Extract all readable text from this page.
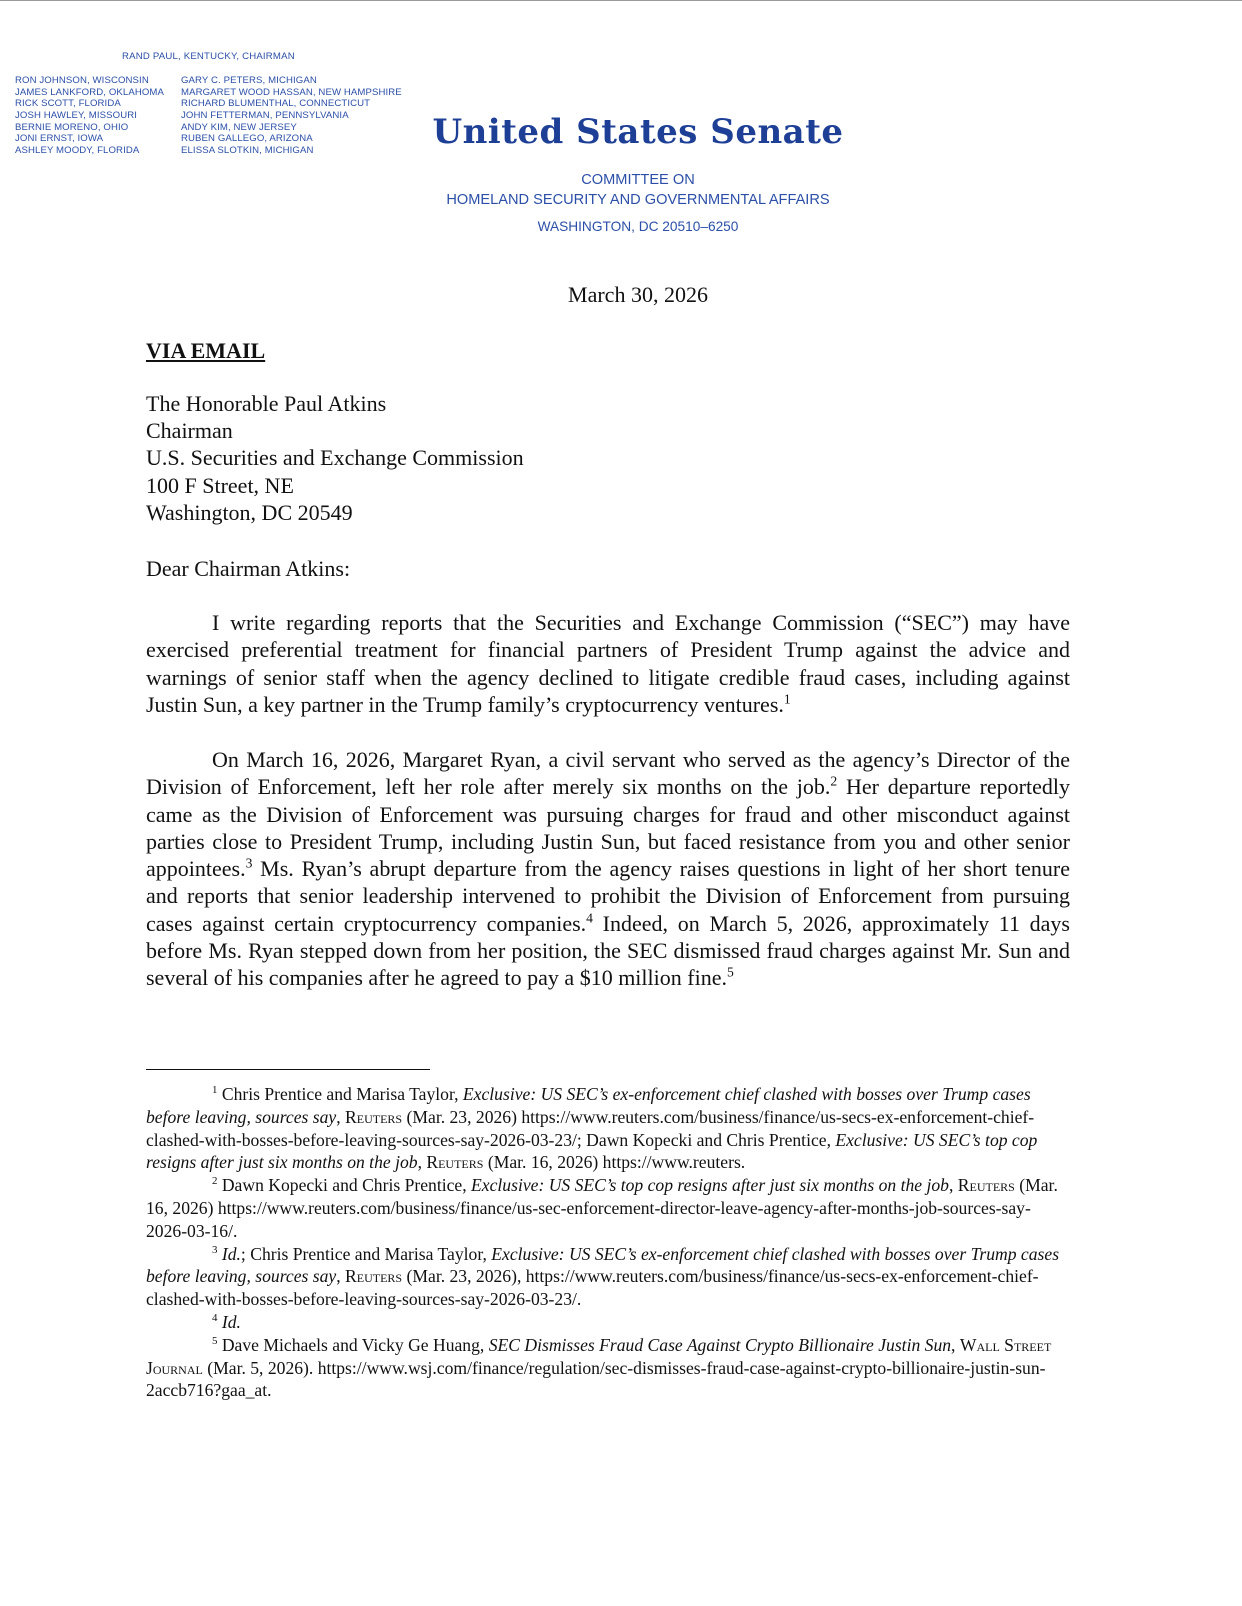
RAND PAUL, KENTUCKY, CHAIRMAN
RON JOHNSON, WISCONSIN
JAMES LANKFORD, OKLAHOMA
RICK SCOTT, FLORIDA
JOSH HAWLEY, MISSOURI
BERNIE MORENO, OHIO
JONI ERNST, IOWA
ASHLEY MOODY, FLORIDA
GARY C. PETERS, MICHIGAN
MARGARET WOOD HASSAN, NEW HAMPSHIRE
RICHARD BLUMENTHAL, CONNECTICUT
JOHN FETTERMAN, PENNSYLVANIA
ANDY KIM, NEW JERSEY
RUBEN GALLEGO, ARIZONA
ELISSA SLOTKIN, MICHIGAN	United States Senate
COMMITTEE ON
HOMELAND SECURITY AND GOVERNMENTAL AFFAIRS
WASHINGTON, DC 20510–6250
March 30, 2026
VIA EMAIL
The Honorable Paul Atkins
Chairman
U.S. Securities and Exchange Commission
100 F Street, NE
Washington, DC 20549
Dear Chairman Atkins:

I write regarding reports that the Securities and Exchange Commission (“SEC”) may have exercised preferential treatment for financial partners of President Trump against the advice and warnings of senior staff when the agency declined to litigate credible fraud cases, including against Justin Sun, a key partner in the Trump family’s cryptocurrency ventures.$^1$

On March 16, 2026, Margaret Ryan, a civil servant who served as the agency’s Director of the Division of Enforcement, left her role after merely six months on the job.$^2$ Her departure reportedly came as the Division of Enforcement was pursuing charges for fraud and other misconduct against parties close to President Trump, including Justin Sun, but faced resistance from you and other senior appointees.$^3$ Ms. Ryan’s abrupt departure from the agency raises questions in light of her short tenure and reports that senior leadership intervened to prohibit the Division of Enforcement from pursuing cases against certain cryptocurrency companies.$^4$ Indeed, on March 5, 2026, approximately 11 days before Ms. Ryan stepped down from her position, the SEC dismissed fraud charges against Mr. Sun and several of his companies after he agreed to pay a $10 million fine.$^5$

$^1$ Chris Prentice and Marisa Taylor, Exclusive: US SEC’s ex-enforcement chief clashed with bosses over Trump cases before leaving, sources say, Reuters (Mar. 23, 2026) https://www.reuters.com/business/finance/us-secs-ex-enforcement-chief-clashed-with-bosses-before-leaving-sources-say-2026-03-23/; Dawn Kopecki and Chris Prentice, Exclusive: US SEC’s top cop resigns after just six months on the job, Reuters (Mar. 16, 2026) https://www.reuters.

$^2$ Dawn Kopecki and Chris Prentice, Exclusive: US SEC’s top cop resigns after just six months on the job, Reuters (Mar. 16, 2026) https://www.reuters.com/business/finance/us-sec-enforcement-director-leave-agency-after-months-job-sources-say-2026-03-16/.

$^3$ Id.; Chris Prentice and Marisa Taylor, Exclusive: US SEC’s ex-enforcement chief clashed with bosses over Trump cases before leaving, sources say, Reuters (Mar. 23, 2026), https://www.reuters.com/business/finance/us-secs-ex-enforcement-chief-clashed-with-bosses-before-leaving-sources-say-2026-03-23/.

$^4$ Id.

$^5$ Dave Michaels and Vicky Ge Huang, SEC Dismisses Fraud Case Against Crypto Billionaire Justin Sun, Wall Street Journal (Mar. 5, 2026). https://www.wsj.com/finance/regulation/sec-dismisses-fraud-case-against-crypto-billionaire-justin-sun-2accb716?gaa_at.
